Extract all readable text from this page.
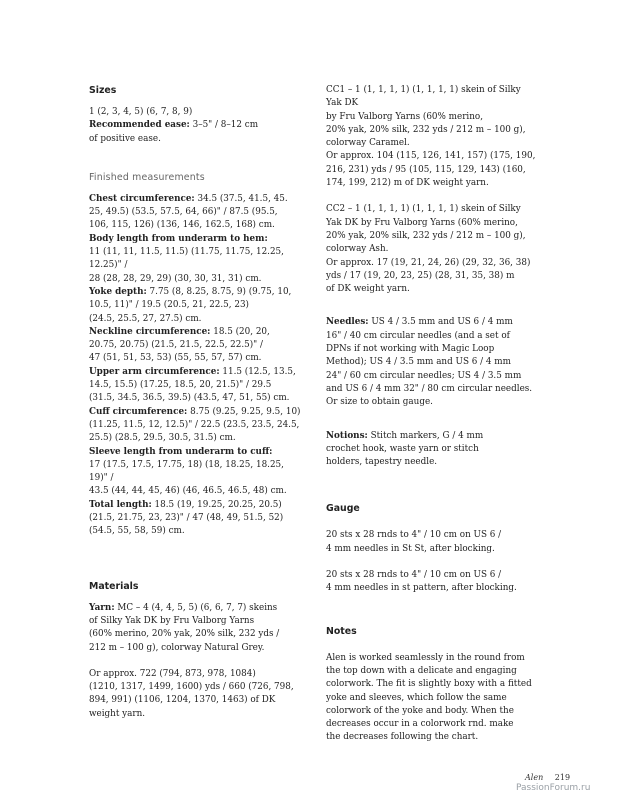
Sizes

1 (2, 3, 4, 5) (6, 7, 8, 9)
Recommended ease: 3–5" / 8–12 cm
of positive ease.

Finished measurements
Chest circumference: 34.5 (37.5, 41.5, 45.
25, 49.5) (53.5, 57.5, 64, 66)" / 87.5 (95.5,
106, 115, 126) (136, 146, 162.5, 168) cm.
Body length from underarm to hem:
11 (11, 11, 11.5, 11.5) (11.75, 11.75, 12.25, 12.25)" /
28 (28, 28, 29, 29) (30, 30, 31, 31) cm.
Yoke depth: 7.75 (8, 8.25, 8.75, 9) (9.75, 10,
10.5, 11)" / 19.5 (20.5, 21, 22.5, 23)
(24.5, 25.5, 27, 27.5) cm.
Neckline circumference: 18.5 (20, 20,
20.75, 20.75) (21.5, 21.5, 22.5, 22.5)" /
47 (51, 51, 53, 53) (55, 55, 57, 57) cm.
Upper arm circumference: 11.5 (12.5, 13.5,
14.5, 15.5) (17.25, 18.5, 20, 21.5)" / 29.5
(31.5, 34.5, 36.5, 39.5) (43.5, 47, 51, 55) cm.
Cuff circumference: 8.75 (9.25, 9.25, 9.5, 10)
(11.25, 11.5, 12, 12.5)" / 22.5 (23.5, 23.5, 24.5,
25.5) (28.5, 29.5, 30.5, 31.5) cm.
Sleeve length from underarm to cuff:
17 (17.5, 17.5, 17.75, 18) (18, 18.25, 18.25, 19)" /
43.5 (44, 44, 45, 46) (46, 46.5, 46.5, 48) cm.
Total length: 18.5 (19, 19.25, 20.25, 20.5)
(21.5, 21.75, 23, 23)" / 47 (48, 49, 51.5, 52)
(54.5, 55, 58, 59) cm.
Materials

Yarn: MC – 4 (4, 4, 5, 5) (6, 6, 7, 7) skeins
of Silky Yak DK by Fru Valborg Yarns
(60% merino, 20% yak, 20% silk, 232 yds /
212 m – 100 g), colorway Natural Grey.

Or approx. 722 (794, 873, 978, 1084)
(1210, 1317, 1499, 1600) yds / 660 (726, 798,
894, 991) (1106, 1204, 1370, 1463) of DK
weight yarn.

CC1 – 1 (1, 1, 1, 1) (1, 1, 1, 1) skein of Silky Yak DK
by Fru Valborg Yarns (60% merino,
20% yak, 20% silk, 232 yds / 212 m – 100 g),
colorway Caramel.
Or approx. 104 (115, 126, 141, 157) (175, 190,
216, 231) yds / 95 (105, 115, 129, 143) (160,
174, 199, 212) m of DK weight yarn.

CC2 – 1 (1, 1, 1, 1) (1, 1, 1, 1) skein of Silky
Yak DK by Fru Valborg Yarns (60% merino,
20% yak, 20% silk, 232 yds / 212 m – 100 g),
colorway Ash.
Or approx. 17 (19, 21, 24, 26) (29, 32, 36, 38)
yds / 17 (19, 20, 23, 25) (28, 31, 35, 38) m
of DK weight yarn.

Needles: US 4 / 3.5 mm and US 6 / 4 mm
16" / 40 cm circular needles (and a set of
DPNs if not working with Magic Loop
Method); US 4 / 3.5 mm and US 6 / 4 mm
24" / 60 cm circular needles; US 4 / 3.5 mm
and US 6 / 4 mm 32" / 80 cm circular needles.
Or size to obtain gauge.

Notions: Stitch markers, G / 4 mm
crochet hook, waste yarn or stitch
holders, tapestry needle.

Gauge

20 sts x 28 rnds to 4" / 10 cm on US 6 /
4 mm needles in St St, after blocking.

20 sts x 28 rnds to 4" / 10 cm on US 6 /
4 mm needles in st pattern, after blocking.

Notes

Alen is worked seamlessly in the round from
the top down with a delicate and engaging
colorwork. The fit is slightly boxy with a fitted
yoke and sleeves, which follow the same
colorwork of the yoke and body. When the
decreases occur in a colorwork rnd. make
the decreases following the chart.

Alen 219
PassionForum.ru
